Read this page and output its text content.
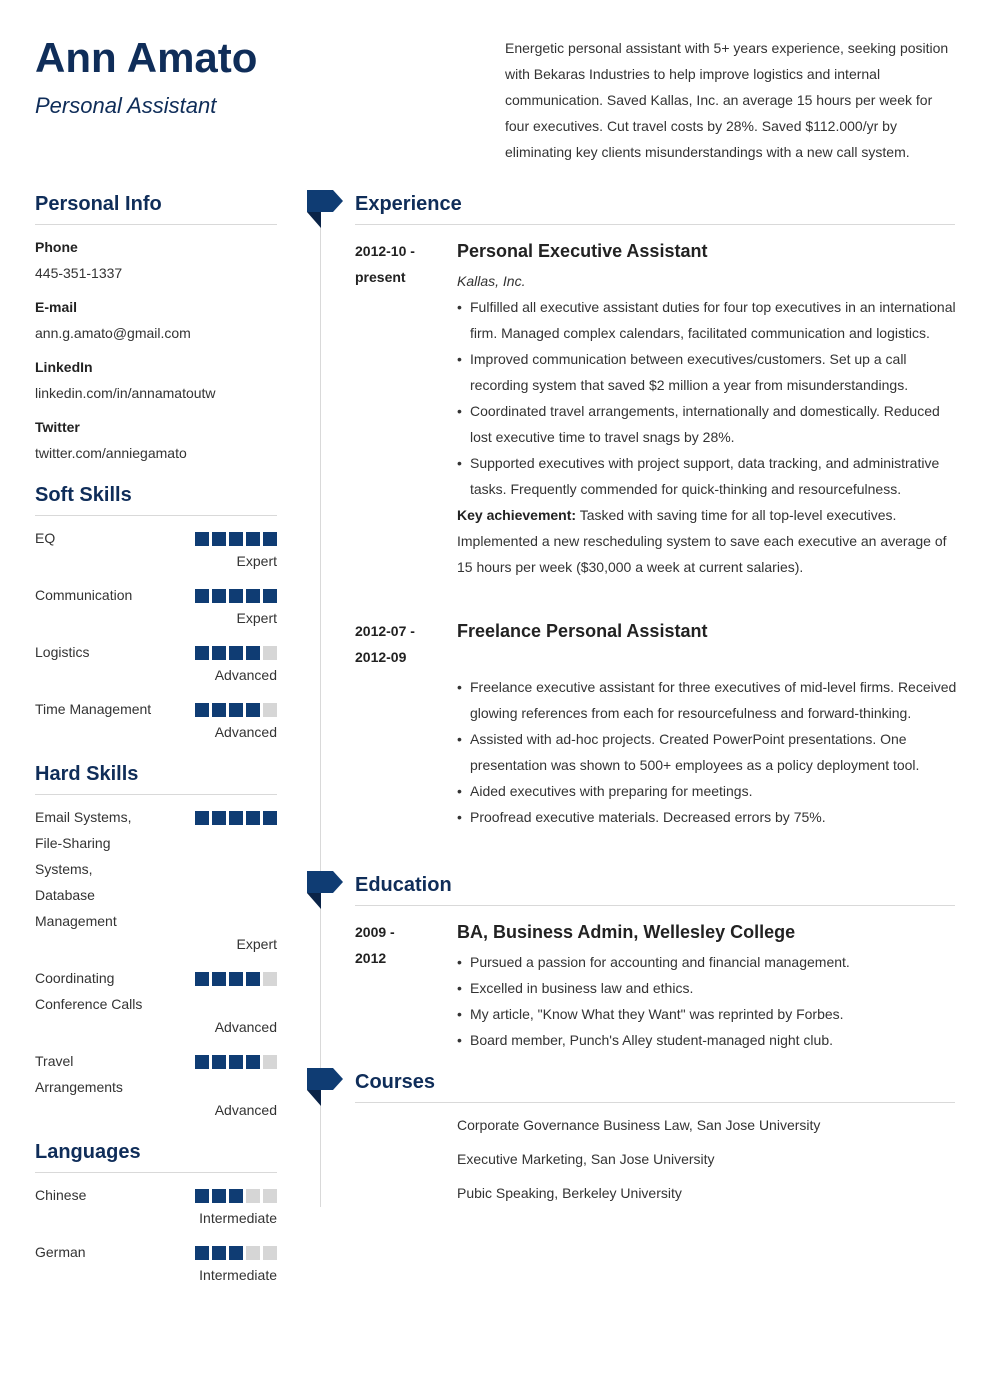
Ann Amato
Personal Assistant
Energetic personal assistant with 5+ years experience, seeking position with Bekaras Industries to help improve logistics and internal communication. Saved Kallas, Inc. an average 15 hours per week for four executives. Cut travel costs by 28%. Saved $112.000/yr by eliminating key clients misunderstandings with a new call system.
Personal Info
Phone
445-351-1337
E-mail
ann.g.amato@gmail.com
LinkedIn
linkedin.com/in/annamatoutw
Twitter
twitter.com/anniegamato
Soft Skills
EQ
Expert
Communication
Expert
Logistics
Advanced
Time Management
Advanced
Hard Skills
Email Systems,
File-Sharing
Systems,
Database
Management
Expert
Coordinating
Conference Calls
Advanced
Travel
Arrangements
Advanced
Languages
Chinese
Intermediate
German
Intermediate
Experience
2012-10 -
present
Personal Executive Assistant
Kallas, Inc.
• Fulfilled all executive assistant duties for four top executives in an international firm. Managed complex calendars, facilitated communication and logistics.
• Improved communication between executives/customers. Set up a call recording system that saved $2 million a year from misunderstandings.
• Coordinated travel arrangements, internationally and domestically. Reduced lost executive time to travel snags by 28%.
• Supported executives with project support, data tracking, and administrative tasks. Frequently commended for quick-thinking and resourcefulness.
Key achievement: Tasked with saving time for all top-level executives. Implemented a new rescheduling system to save each executive an average of 15 hours per week ($30,000 a week at current salaries).
2012-07 -
2012-09
Freelance Personal Assistant
• Freelance executive assistant for three executives of mid-level firms. Received glowing references from each for resourcefulness and forward-thinking.
• Assisted with ad-hoc projects. Created PowerPoint presentations. One presentation was shown to 500+ employees as a policy deployment tool.
• Aided executives with preparing for meetings.
• Proofread executive materials. Decreased errors by 75%.
Education
2009 -
2012
BA, Business Admin, Wellesley College
• Pursued a passion for accounting and financial management.
• Excelled in business law and ethics.
• My article, "Know What they Want" was reprinted by Forbes.
• Board member, Punch's Alley student-managed night club.
Courses
Corporate Governance Business Law, San Jose University
Executive Marketing, San Jose University
Pubic Speaking, Berkeley University
